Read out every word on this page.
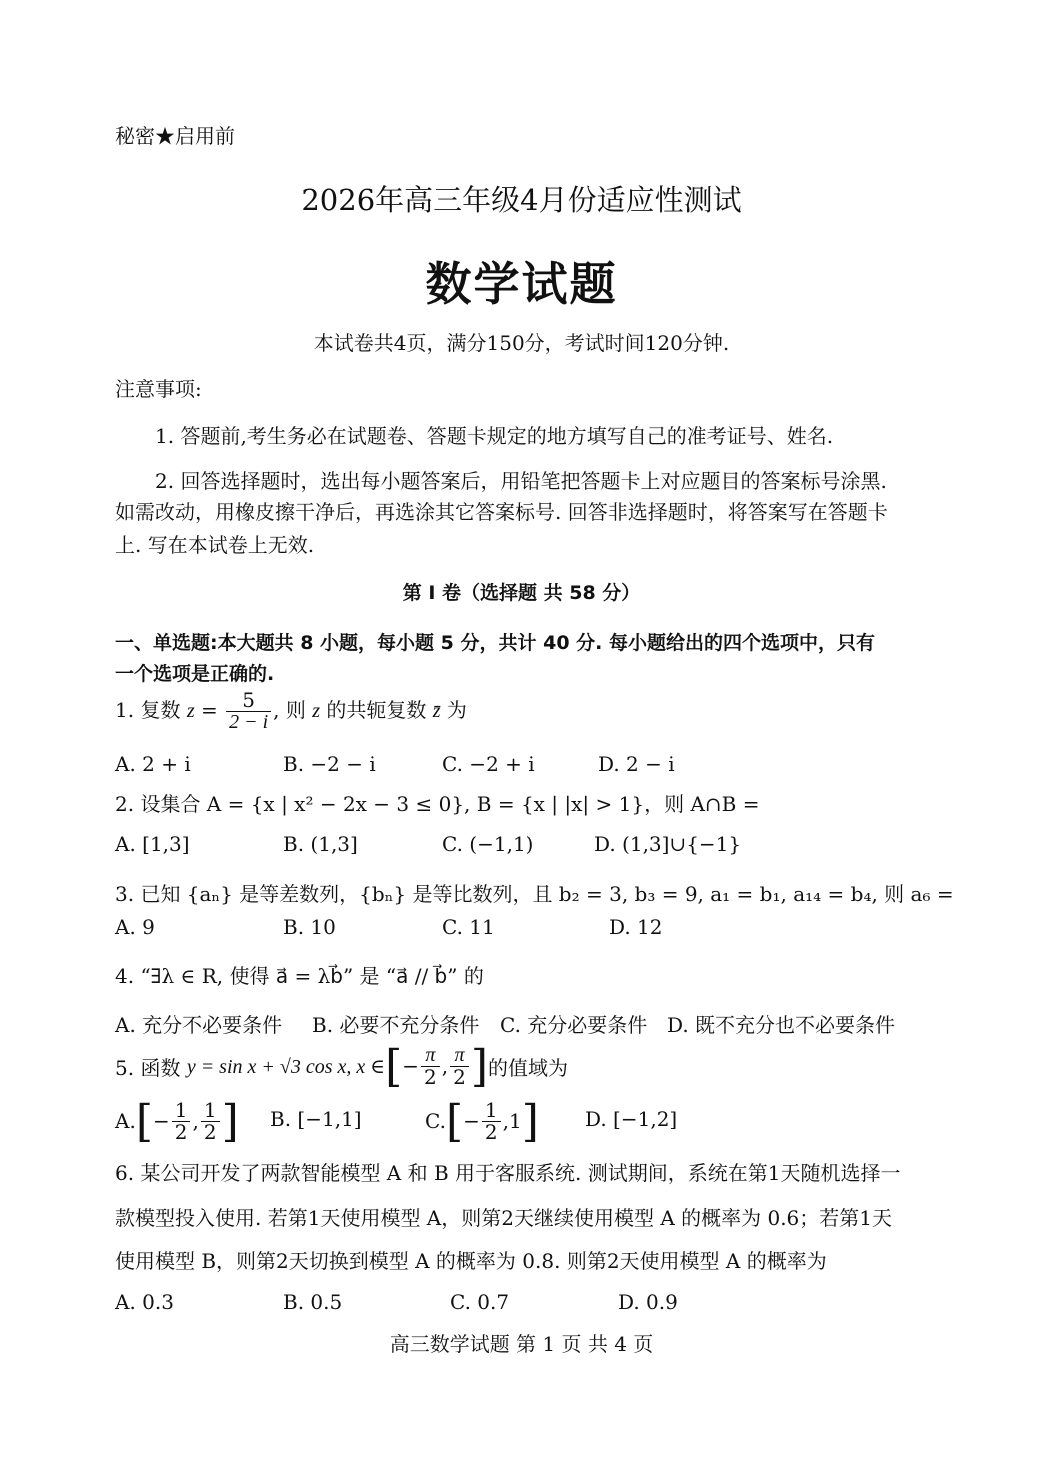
秘密★启用前
2026年高三年级4月份适应性测试
数学试题
本试卷共4页，满分150分，考试时间120分钟.
注意事项:
1. 答题前,考生务必在试题卷、答题卡规定的地方填写自己的准考证号、姓名.
2. 回答选择题时，选出每小题答案后，用铅笔把答题卡上对应题目的答案标号涂黑.
如需改动，用橡皮擦干净后，再选涂其它答案标号. 回答非选择题时，将答案写在答题卡
上. 写在本试卷上无效.
第 I 卷（选择题 共 58 分）
一、单选题:本大题共 8 小题，每小题 5 分，共计 40 分. 每小题给出的四个选项中，只有
一个选项是正确的.
1. 复数 $z = \frac{5}{2 - i}$ , 则 z 的共轭复数 z̄ 为
A. 2 + i	B. −2 − i	C. −2 + i	D. 2 − i
2. 设集合 A = {x | x² − 2x − 3 ≤ 0}, B = {x | |x| > 1}，则 A∩B =
A. [1,3]	B. (1,3]	C. (−1,1)	D. (1,3]∪{−1}
3. 已知 {aₙ} 是等差数列，{bₙ} 是等比数列，且 b₂ = 3, b₃ = 9, a₁ = b₁, a₁₄ = b₄, 则 a₆ =
A. 9	B. 10	C. 11	D. 12
4. “∃λ ∈ R, 使得 a⃗ = λb⃗” 是 “a⃗ // b⃗” 的
A. 充分不必要条件 B. 必要不充分条件 C. 充分必要条件 D. 既不充分也不必要条件
5. 函数
y = sin x + √3 cos x, x ∈ [ − $\frac{\pi}{2}$ , $\frac{\pi}{2}$ ] 的值域为
A. [ − $\frac{1}{2}$ , $\frac{1}{2}$ ] B. [−1,1]	C. [ − $\frac{1}{2}$ , 1 ] D. [−1,2]
6. 某公司开发了两款智能模型 A 和 B 用于客服系统. 测试期间，系统在第1天随机选择一
款模型投入使用. 若第1天使用模型 A，则第2天继续使用模型 A 的概率为 0.6；若第1天
使用模型 B，则第2天切换到模型 A 的概率为 0.8. 则第2天使用模型 A 的概率为
A. 0.3	B. 0.5	C. 0.7	D. 0.9
高三数学试题 第 1 页 共 4 页
